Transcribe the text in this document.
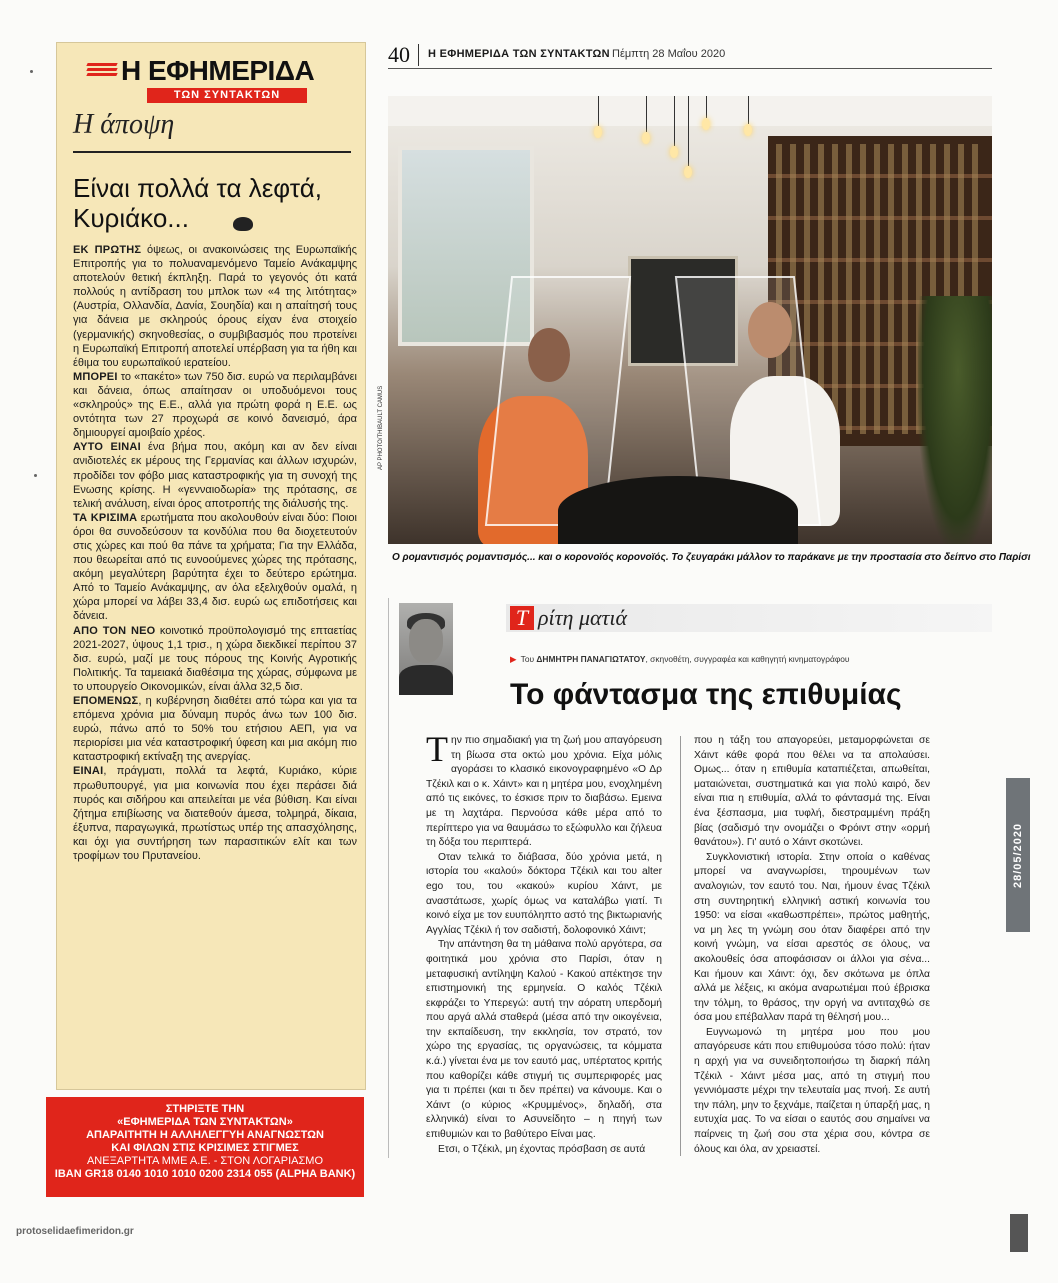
Η ΕΦΗΜΕΡΙΔΑ
ΤΩΝ ΣΥΝΤΑΚΤΩΝ
Η άποψη
Είναι πολλά τα λεφτά,
Κυριάκο...

ΕΚ ΠΡΩΤΗΣ όψεως, οι ανακοινώσεις της Ευρωπαϊκής Επιτροπής για το πολυαναμενόμενο Ταμείο Ανάκαμψης αποτελούν θετική έκπληξη. Παρά το γεγονός ότι κατά πολλούς η αντίδραση του μπλοκ των «4 της λιτότητας» (Αυστρία, Ολλανδία, Δανία, Σουηδία) και η απαίτησή τους για δάνεια με σκληρούς όρους είχαν ένα στοιχείο (γερμανικής) σκηνοθεσίας, ο συμβιβασμός που προτείνει η Ευρωπαϊκή Επιτροπή αποτελεί υπέρβαση για τα ήθη και έθιμα του ευρωπαϊκού ιερατείου.

ΜΠΟΡΕΙ το «πακέτο» των 750 δισ. ευρώ να περιλαμβάνει και δάνεια, όπως απαίτησαν οι υποδυόμενοι τους «σκληρούς» της Ε.Ε., αλλά για πρώτη φορά η Ε.Ε. ως οντότητα των 27 προχωρά σε κοινό δανεισμό, άρα δημιουργεί αμοιβαίο χρέος.

ΑΥΤΟ ΕΙΝΑΙ ένα βήμα που, ακόμη και αν δεν είναι ανιδιοτελές εκ μέρους της Γερμανίας και άλλων ισχυρών, προδίδει τον φόβο μιας καταστροφικής για τη συνοχή της Ενωσης κρίσης. Η «γενναιοδωρία» της πρότασης, σε τελική ανάλυση, είναι όρος αποτροπής της διάλυσής της.

ΤΑ ΚΡΙΣΙΜΑ ερωτήματα που ακολουθούν είναι δύο: Ποιοι όροι θα συνοδεύσουν τα κονδύλια που θα διοχετευτούν στις χώρες και πού θα πάνε τα χρήματα; Για την Ελλάδα, που θεωρείται από τις ευνοούμενες χώρες της πρότασης, ακόμη μεγαλύτερη βαρύτητα έχει το δεύτερο ερώτημα. Από το Ταμείο Ανάκαμψης, αν όλα εξελιχθούν ομαλά, η χώρα μπορεί να λάβει 33,4 δισ. ευρώ ως επιδοτήσεις και δάνεια.

ΑΠΟ ΤΟΝ ΝΕΟ κοινοτικό προϋπολογισμό της επταετίας 2021-2027, ύψους 1,1 τρισ., η χώρα διεκδικεί περίπου 37 δισ. ευρώ, μαζί με τους πόρους της Κοινής Αγροτικής Πολιτικής. Τα ταμειακά διαθέσιμα της χώρας, σύμφωνα με το υπουργείο Οικονομικών, είναι άλλα 32,5 δισ.

ΕΠΟΜΕΝΩΣ, η κυβέρνηση διαθέτει από τώρα και για τα επόμενα χρόνια μια δύναμη πυρός άνω των 100 δισ. ευρώ, πάνω από το 50% του ετήσιου ΑΕΠ, για να περιορίσει μια νέα καταστροφική ύφεση και μια ακόμη πιο καταστροφική εκτίναξη της ανεργίας.

ΕΙΝΑΙ, πράγματι, πολλά τα λεφτά, Κυριάκο, κύριε πρωθυπουργέ, για μια κοινωνία που έχει περάσει διά πυρός και σιδήρου και απειλείται με νέα βύθιση. Και είναι ζήτημα επιβίωσης να διατεθούν άμεσα, τολμηρά, δίκαια, έξυπνα, παραγωγικά, πρωτίστως υπέρ της απασχόλησης, και όχι για συντήρηση των παρασιτικών ελίτ και των τροφίμων του Πρυτανείου.

ΣΤΗΡΙΞΤΕ ΤΗΝ
«ΕΦΗΜΕΡΙΔΑ ΤΩΝ ΣΥΝΤΑΚΤΩΝ»
ΑΠΑΡΑΙΤΗΤΗ Η ΑΛΛΗΛΕΓΓΥΗ ΑΝΑΓΝΩΣΤΩΝ
ΚΑΙ ΦΙΛΩΝ ΣΤΙΣ ΚΡΙΣΙΜΕΣ ΣΤΙΓΜΕΣ
ΑΝΕΞΑΡΤΗΤΑ ΜΜΕ Α.Ε. - ΣΤΟΝ ΛΟΓΑΡΙΑΣΜΟ
IBAN GR18 0140 1010 1010 0200 2314 055 (ALPHA BANK)
40 Η ΕΦΗΜΕΡΙΔΑ ΤΩΝ ΣΥΝΤΑΚΤΩΝ Πέμπτη 28 Μαΐου 2020
AP PHOTO/THIBAULT CAMUS
Ο ρομαντισμός ρομαντισμός... και ο κορονοϊός κορονοϊός. Το ζευγαράκι μάλλον το παράκανε με την προστασία στο δείπνο στο Παρίσι
Τ ρίτη ματιά
▶ Του ΔΗΜΗΤΡΗ ΠΑΝΑΓΙΩΤΑΤΟΥ, σκηνοθέτη, συγγραφέα και καθηγητή κινηματογράφου
Το φάντασμα της επιθυμίας

Την πιο σημαδιακή για τη ζωή μου απαγόρευση τη βίωσα στα οκτώ μου χρόνια. Είχα μόλις αγοράσει το κλασικό εικονογραφημένο «Ο Δρ Τζέκιλ και ο κ. Χάιντ» και η μητέρα μου, ενοχλημένη από τις εικόνες, το έσκισε πριν το διαβάσω. Εμεινα με τη λαχτάρα. Περνούσα κάθε μέρα από το περίπτερο για να θαυμάσω το εξώφυλλο και ζήλευα τη δόξα του περιπτερά.

Οταν τελικά το διάβασα, δύο χρόνια μετά, η ιστορία του «καλού» δόκτορα Τζέκιλ και του alter ego του, του «κακού» κυρίου Χάιντ, με αναστάτωσε, χωρίς όμως να καταλάβω γιατί. Τι κοινό είχα με τον ευυπόληπτο αστό της βικτωριανής Αγγλίας Τζέκιλ ή τον σαδιστή, δολοφονικό Χάιντ;

Την απάντηση θα τη μάθαινα πολύ αργότερα, σα φοιτητικά μου χρόνια στο Παρίσι, όταν η μεταφυσική αντίληψη Καλού - Κακού απέκτησε την επιστημονική της ερμηνεία. Ο καλός Τζέκιλ εκφράζει το Υπερεγώ: αυτή την αόρατη υπερδομή που αργά αλλά σταθερά (μέσα από την οικογένεια, την εκπαίδευση, την εκκλησία, τον στρατό, τον χώρο της εργασίας, τις οργανώσεις, τα κόμματα κ.ά.) γίνεται ένα με τον εαυτό μας, υπέρτατος κριτής που καθορίζει κάθε στιγμή τις συμπεριφορές μας για τι πρέπει (και τι δεν πρέπει) να κάνουμε. Και ο Χάιντ (ο κύριος «Κρυμμένος», δηλαδή, στα ελληνικά) είναι το Ασυνείδητο – η πηγή των επιθυμιών και το βαθύτερο Είναι μας.

Ετσι, ο Τζέκιλ, μη έχοντας πρόσβαση σε αυτά

που η τάξη του απαγορεύει, μεταμορφώνεται σε Χάιντ κάθε φορά που θέλει να τα απολαύσει. Ομως... όταν η επιθυμία καταπιέζεται, απωθείται, ματαιώνεται, συστηματικά και για πολύ καιρό, δεν είναι πια η επιθυμία, αλλά το φάντασμά της. Είναι ένα ξέσπασμα, μια τυφλή, διεστραμμένη πράξη βίας (σαδισμό την ονομάζει ο Φρόιντ στην «ορμή θανάτου»). Γι' αυτό ο Χάιντ σκοτώνει.

Συγκλονιστική ιστορία. Στην οποία ο καθένας μπορεί να αναγνωρίσει, τηρουμένων των αναλογιών, τον εαυτό του. Ναι, ήμουν ένας Τζέκιλ στη συντηρητική ελληνική αστική κοινωνία του 1950: να είσαι «καθωσπρέπει», πρώτος μαθητής, να μη λες τη γνώμη σου όταν διαφέρει από την κοινή γνώμη, να είσαι αρεστός σε όλους, να ακολουθείς όσα αποφάσισαν οι άλλοι για σένα... Και ήμουν και Χάιντ: όχι, δεν σκότωνα με όπλα αλλά με λέξεις, κι ακόμα αναρωτιέμαι πού έβρισκα την τόλμη, το θράσος, την οργή να αντιταχθώ σε όσα μου επέβαλλαν παρά τη θέλησή μου...

Ευγνωμονώ τη μητέρα μου που μου απαγόρευσε κάτι που επιθυμούσα τόσο πολύ: ήταν η αρχή για να συνειδητοποιήσω τη διαρκή πάλη Τζέκιλ - Χάιντ μέσα μας, από τη στιγμή που γεννιόμαστε μέχρι την τελευταία μας πνοή. Σε αυτή την πάλη, μην το ξεχνάμε, παίζεται η ύπαρξή μας, η ευτυχία μας. Το να είσαι ο εαυτός σου σημαίνει να παίρνεις τη ζωή σου στα χέρια σου, κόντρα σε όλους και όλα, αν χρειαστεί.

28/05/2020
protoselidaefimeridon.gr
